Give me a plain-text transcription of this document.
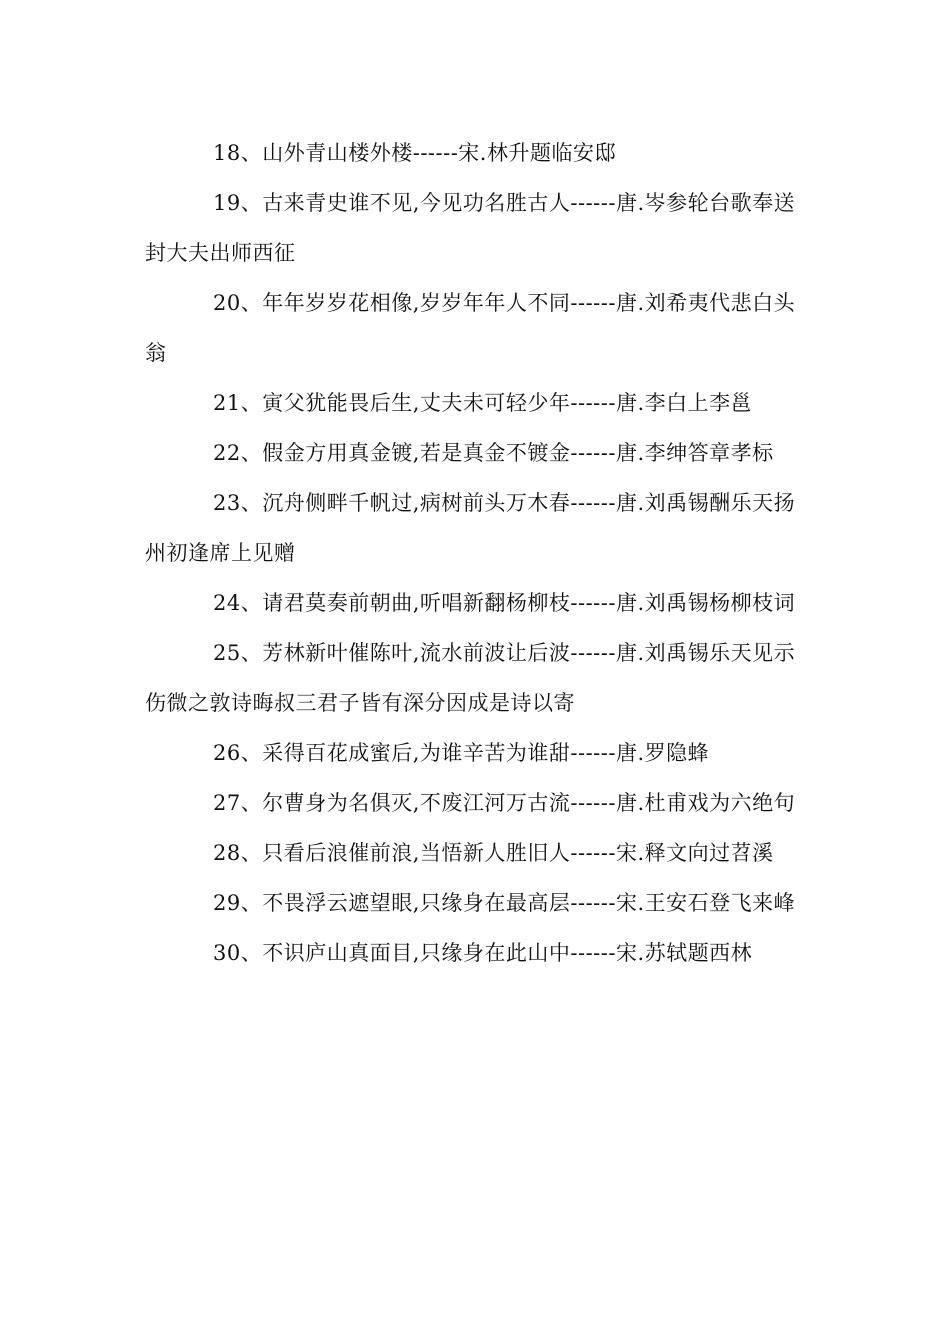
18、山外青山楼外楼------宋.林升题临安邸

19、古来青史谁不见,今见功名胜古人------唐.岑参轮台歌奉送封大夫出师西征

20、年年岁岁花相像,岁岁年年人不同------唐.刘希夷代悲白头翁

21、寅父犹能畏后生,丈夫未可轻少年------唐.李白上李邕

22、假金方用真金镀,若是真金不镀金------唐.李绅答章孝标

23、沉舟侧畔千帆过,病树前头万木春------唐.刘禹锡酬乐天扬州初逢席上见赠

24、请君莫奏前朝曲,听唱新翻杨柳枝------唐.刘禹锡杨柳枝词

25、芳林新叶催陈叶,流水前波让后波------唐.刘禹锡乐天见示伤微之敦诗晦叔三君子皆有深分因成是诗以寄

26、采得百花成蜜后,为谁辛苦为谁甜------唐.罗隐蜂

27、尔曹身为名俱灭,不废江河万古流------唐.杜甫戏为六绝句

28、只看后浪催前浪,当悟新人胜旧人------宋.释文向过苕溪

29、不畏浮云遮望眼,只缘身在最高层------宋.王安石登飞来峰

30、不识庐山真面目,只缘身在此山中------宋.苏轼题西林
